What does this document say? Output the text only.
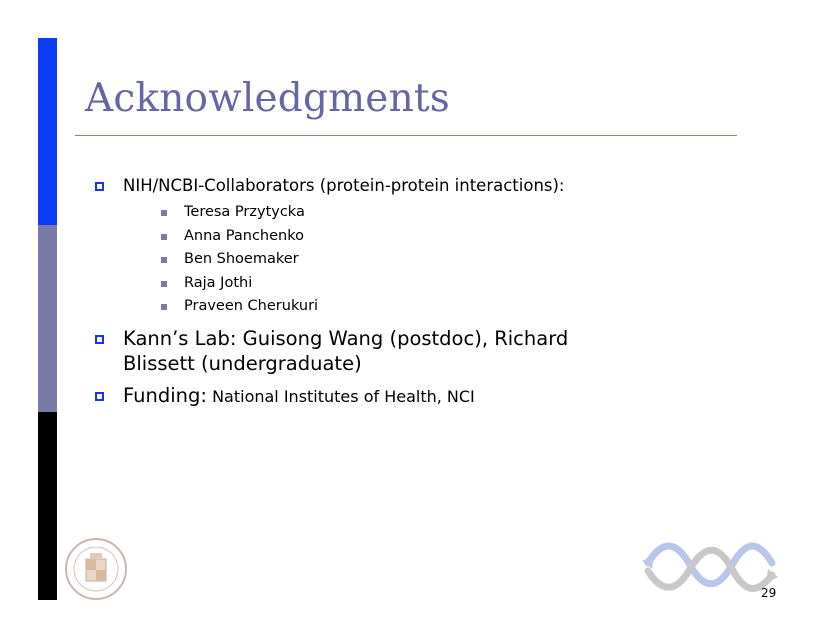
Acknowledgments
NIH/NCBI-Collaborators (protein-protein interactions):
Teresa Przytycka
Anna Panchenko
Ben Shoemaker
Raja Jothi
Praveen Cherukuri
Kann’s Lab: Guisong Wang (postdoc), Richard Blissett (undergraduate)
Funding: National Institutes of Health, NCI
29
